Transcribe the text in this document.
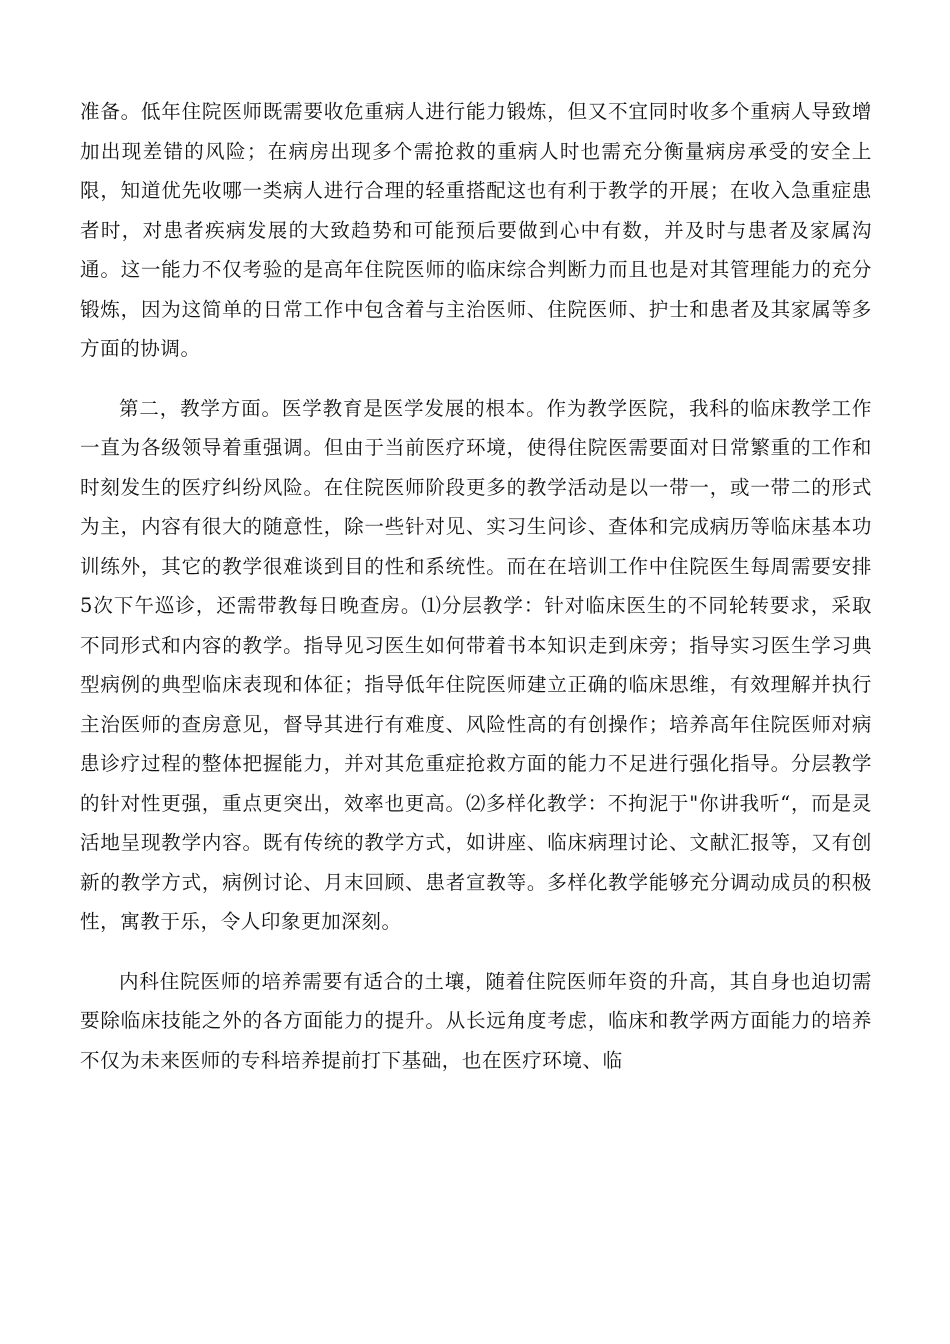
准备。低年住院医师既需要收危重病人进行能力锻炼，但又不宜同时收多个重病人导致增加出现差错的风险；在病房出现多个需抢救的重病人时也需充分衡量病房承受的安全上限，知道优先收哪一类病人进行合理的轻重搭配这也有利于教学的开展；在收入急重症患者时，对患者疾病发展的大致趋势和可能预后要做到心中有数，并及时与患者及家属沟通。这一能力不仅考验的是高年住院医师的临床综合判断力而且也是对其管理能力的充分锻炼，因为这简单的日常工作中包含着与主治医师、住院医师、护士和患者及其家属等多方面的协调。

第二，教学方面。医学教育是医学发展的根本。作为教学医院，我科的临床教学工作一直为各级领导着重强调。但由于当前医疗环境，使得住院医需要面对日常繁重的工作和时刻发生的医疗纠纷风险。在住院医师阶段更多的教学活动是以一带一，或一带二的形式为主，内容有很大的随意性，除一些针对见、实习生问诊、查体和完成病历等临床基本功训练外，其它的教学很难谈到目的性和系统性。而在在培训工作中住院医生每周需要安排5次下午巡诊，还需带教每日晚查房。⑴分层教学：针对临床医生的不同轮转要求，采取不同形式和内容的教学。指导见习医生如何带着书本知识走到床旁；指导实习医生学习典型病例的典型临床表现和体征；指导低年住院医师建立正确的临床思维，有效理解并执行主治医师的查房意见，督导其进行有难度、风险性高的有创操作；培养高年住院医师对病患诊疗过程的整体把握能力，并对其危重症抢救方面的能力不足进行强化指导。分层教学的针对性更强，重点更突出，效率也更高。⑵多样化教学：不拘泥于"你讲我听“，而是灵活地呈现教学内容。既有传统的教学方式，如讲座、临床病理讨论、文献汇报等，又有创新的教学方式，病例讨论、月末回顾、患者宣教等。多样化教学能够充分调动成员的积极性，寓教于乐，令人印象更加深刻。

内科住院医师的培养需要有适合的土壤，随着住院医师年资的升高，其自身也迫切需要除临床技能之外的各方面能力的提升。从长远角度考虑，临床和教学两方面能力的培养不仅为未来医师的专科培养提前打下基础，也在医疗环境、临
